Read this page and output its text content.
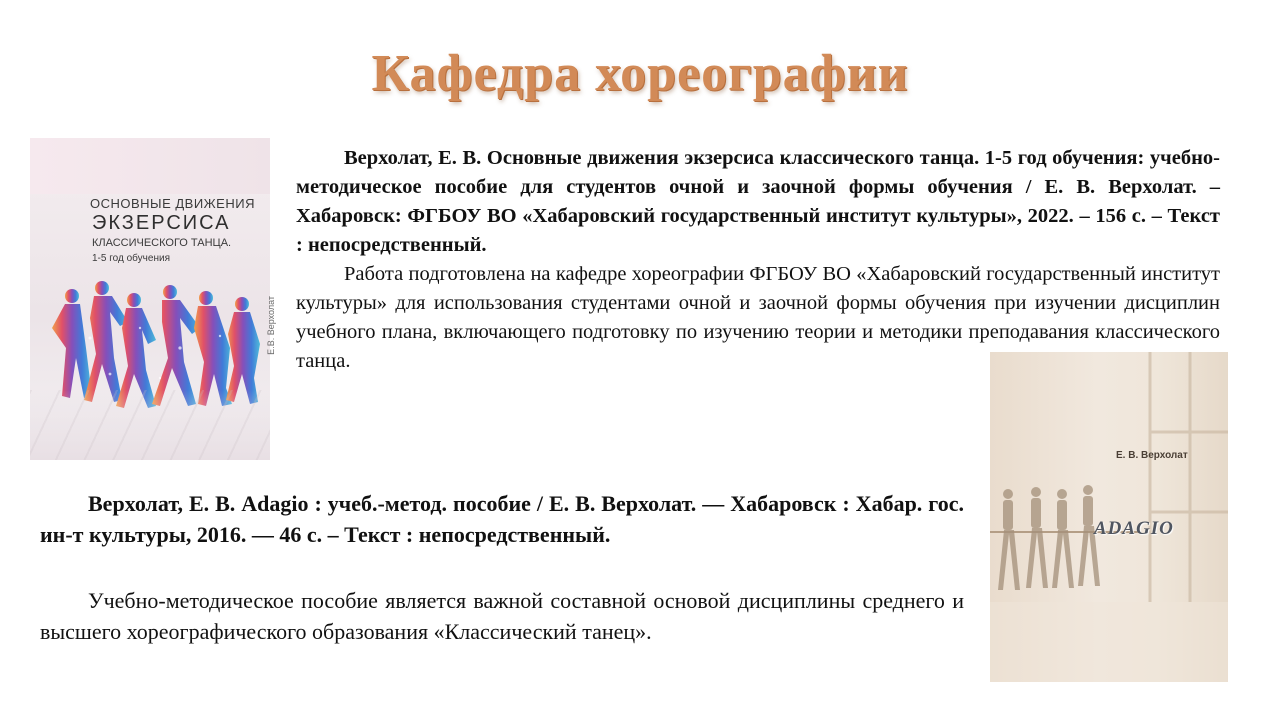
Кафедра хореографии
Е.В. Верхолат
ОСНОВНЫЕ ДВИЖЕНИЯ
ЭКЗЕРСИСА
КЛАССИЧЕСКОГО ТАНЦА.
1-5 год обучения

Верхолат, Е. В. Основные движения экзерсиса классического танца. 1-5 год обучения: учебно-методическое пособие для студентов очной и заочной формы обучения / Е. В. Верхолат. – Хабаровск: ФГБОУ ВО «Хабаровский государственный институт культуры», 2022. – 156 с. – Текст : непосредственный.

Работа подготовлена на кафедре хореографии ФГБОУ ВО «Хабаровский государственный институт культуры» для использования студентами очной и заочной формы обучения при изучении дисциплин учебного плана, включающего подготовку по изучению теории и методики преподавания классического танца.

Е. В. Верхолат
ADAGIO

Верхолат, Е. В. Adagio : учеб.-метод. пособие / Е. В. Верхолат. — Хабаровск : Хабар. гос. ин-т культуры, 2016. — 46 с. – Текст : непосредственный.

Учебно-методическое пособие является важной составной основой дисциплины среднего и высшего хореографического образования «Классический танец».
